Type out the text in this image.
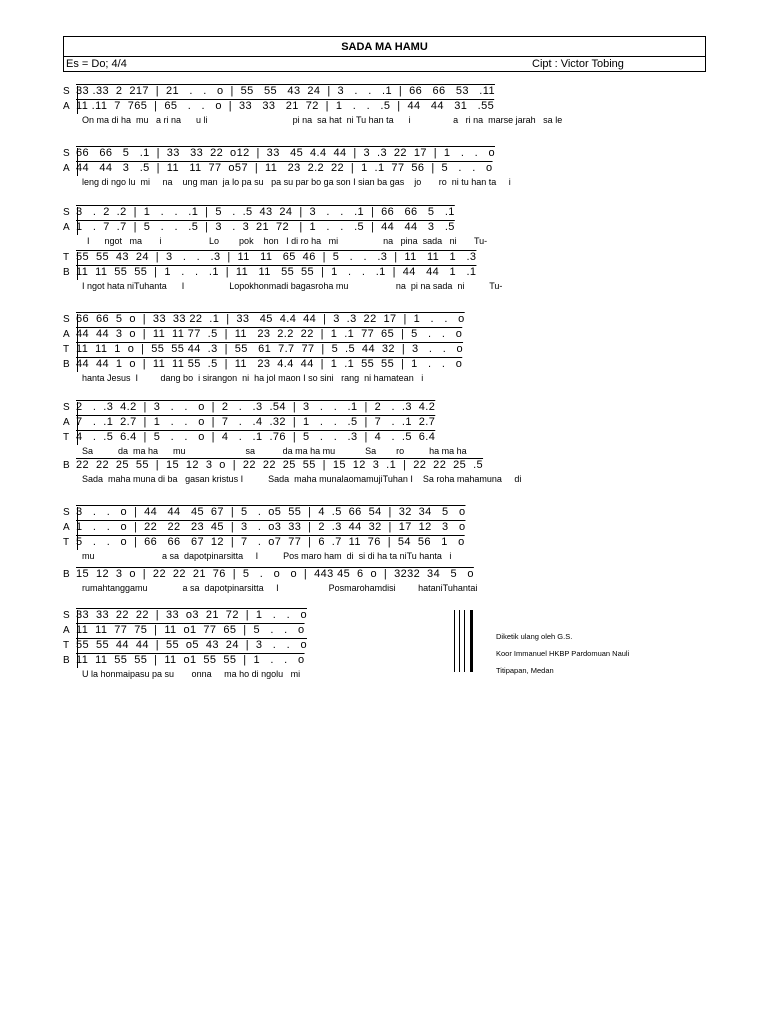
SADA MA HAMU
Es = Do; 4/4	Cipt : Victor Tobing
S 33 .33  2  217  |  21   .   .   o  |  55   55   43  24  |  3   .   .   .1  |  66   66   53   .11
A 11 .11  7  765  |  65   .   .   o  |  33   33   21  72  |  1   .   .   .5  |  44   44   31   .55
On ma di ha  mu   a ri na      u li                                  pi na  sa hat  ni Tu han ta      i                 a   ri na  marse jarah   sa le
S 66   66   5   .1  |  33   33  22  o12  |  33   45  4.4  44  |  3  .3  22  17  |  1   .   .   o
A 44   44   3   .5  |  11   11  77  o57  |  11   23  2.2  22  |  1  .1  77  56  |  5   .   .   o
leng di ngo lu  mi     na    ung man  ja lo pa su   pa su par bo ga son I sian ba gas    jo       ro  ni tu han ta     i
S 3   .  2  .2  |  1   .   .   .1  |  5   .  .5  43  24  |  3   .   .   .1  |  66   66   5   .1
A 1   .  7  .7  |  5   .   .   .5  |  3   .  3  21  72   |  1   .   .   .5  |  44   44   3   .5
I      ngot   ma       i                   Lo        pok    hon   I di ro ha   mi                  na   pina  sada   ni       Tu-
T 55  55  43  24  |  3   .   .   .3  |  11   11   65  46  |  5   .   .   .3  |  11   11   1   .3
B 11  11  55  55  |  1   .   .   .1  |  11   11   55  55  |  1   .   .   .1  |  44   44   1   .1
I ngot hata niTuhanta      I                  Lopokhonmadi bagasroha mu                   na  pi na sada  ni          Tu-
S 66  66  5  o  |  33  33 22  .1  |  33   45  4.4  44  |  3  .3  22  17  |  1   .   .   o
A 44  44  3  o  |  11  11 77  .5  |  11   23  2.2  22  |  1  .1  77  65  |  5   .   .   o
T 11  11  1  o  |  55  55 44  .3  |  55   61  7.7  77  |  5  .5  44  32  |  3   .   .   o
B 44  44  1  o  |  11  11 55  .5  |  11   23  4.4  44  |  1  .1  55  55  |  1   .   .   o
hanta Jesus  I         dang bo  i sirangon  ni  ha jol maon I so sini   rang  ni hamatean   i
S 2   .  .3  4.2  |  3   .   .   o  |  2   .   .3  .54  |  3   .   .   .1  |  2   .  .3  4.2
A 7   .  .1  2.7  |  1   .   .   o  |  7   .   .4  .32  |  1   .   .   .5  |  7   .  .1  2.7
T 4   .  .5  6.4  |  5   .   .   o  |  4   .   .1  .76  |  5   .   .   .3  |  4   .  .5  6.4
Sa          da  ma ha      mu                        sa           da ma ha mu            Sa        ro          ha ma ha
B 22  22  25  55  |  15  12  3  o  |  22  22  25  55  |  15  12  3  .1  |  22  22  25  .5
Sada  maha muna di ba   gasan kristus I          Sada  maha munalaomamujiTuhan I    Sa roha mahamuna     di
S 3   .   .   o  |  44   44   45  67  |  5   .  o5  55  |  4  .5  66  54  |  32  34   5   o
A 1   .   .   o  |  22   22   23  45  |  3   .  o3  33  |  2  .3  44  32  |  17  12   3   o
T 5   .   .   o  |  66   66   67  12  |  7   .  o7  77  |  6  .7  11  76  |  54  56   1   o
mu                           a sa  dapotpinarsitta     I          Pos maro ham  di  si di ha ta niTu hanta   i
B 15  12  3  o  |  22  22  21  76  |  5   .   o   o  |  443 45  6  o  |  3232  34   5   o
rumahtanggamu              a sa  dapotpinarsitta     I                    Posmarohamdisi         hataniTuhantai
S 33  33  22  22  |  33  o3  21  72  |  1   .   .   o
A 11  11  77  75  |  11  o1  77  65  |  5   .   .   o
T 55  55  44  44  |  55  o5  43  24  |  3   .   .   o
B 11  11  55  55  |  11  o1  55  55  |  1   .   .   o
U la honmaipasu pa su       onna     ma ho di ngolu   mi
Diketik ulang oleh G.S.
Koor Immanuel HKBP Pardomuan Nauli
Titipapan, Medan
